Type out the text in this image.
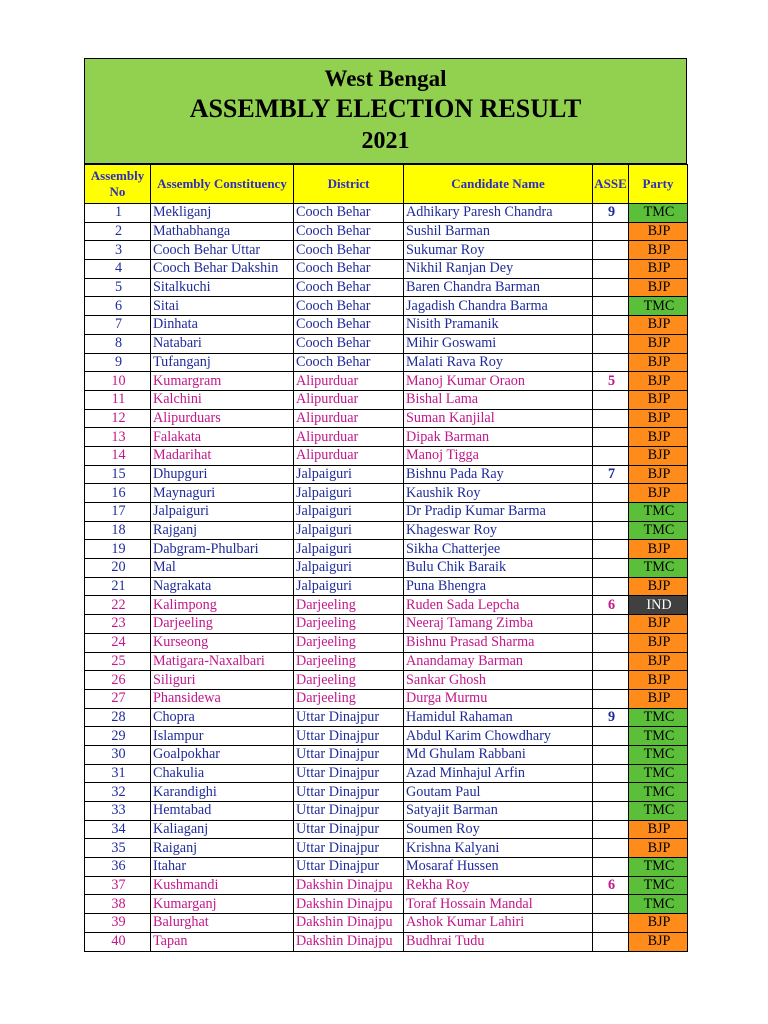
West Bengal
ASSEMBLY ELECTION RESULT
2021
Assembly No	Assembly Constituency	District	Candidate Name	ASSE	Party
1	Mekliganj	Cooch Behar	Adhikary Paresh Chandra	9	TMC
2	Mathabhanga	Cooch Behar	Sushil Barman		BJP
3	Cooch Behar Uttar	Cooch Behar	Sukumar Roy		BJP
4	Cooch Behar Dakshin	Cooch Behar	Nikhil Ranjan Dey		BJP
5	Sitalkuchi	Cooch Behar	Baren Chandra Barman		BJP
6	Sitai	Cooch Behar	Jagadish Chandra Barma		TMC
7	Dinhata	Cooch Behar	Nisith Pramanik		BJP
8	Natabari	Cooch Behar	Mihir Goswami		BJP
9	Tufanganj	Cooch Behar	Malati Rava Roy		BJP
10	Kumargram	Alipurduar	Manoj Kumar Oraon	5	BJP
11	Kalchini	Alipurduar	Bishal Lama		BJP
12	Alipurduars	Alipurduar	Suman Kanjilal		BJP
13	Falakata	Alipurduar	Dipak Barman		BJP
14	Madarihat	Alipurduar	Manoj Tigga		BJP
15	Dhupguri	Jalpaiguri	Bishnu Pada Ray	7	BJP
16	Maynaguri	Jalpaiguri	Kaushik Roy		BJP
17	Jalpaiguri	Jalpaiguri	Dr Pradip Kumar Barma		TMC
18	Rajganj	Jalpaiguri	Khageswar Roy		TMC
19	Dabgram-Phulbari	Jalpaiguri	Sikha Chatterjee		BJP
20	Mal	Jalpaiguri	Bulu Chik Baraik		TMC
21	Nagrakata	Jalpaiguri	Puna Bhengra		BJP
22	Kalimpong	Darjeeling	Ruden Sada Lepcha	6	IND
23	Darjeeling	Darjeeling	Neeraj Tamang Zimba		BJP
24	Kurseong	Darjeeling	Bishnu Prasad Sharma		BJP
25	Matigara-Naxalbari	Darjeeling	Anandamay Barman		BJP
26	Siliguri	Darjeeling	Sankar Ghosh		BJP
27	Phansidewa	Darjeeling	Durga Murmu		BJP
28	Chopra	Uttar Dinajpur	Hamidul Rahaman	9	TMC
29	Islampur	Uttar Dinajpur	Abdul Karim Chowdhary		TMC
30	Goalpokhar	Uttar Dinajpur	Md Ghulam Rabbani		TMC
31	Chakulia	Uttar Dinajpur	Azad Minhajul Arfin		TMC
32	Karandighi	Uttar Dinajpur	Goutam Paul		TMC
33	Hemtabad	Uttar Dinajpur	Satyajit Barman		TMC
34	Kaliaganj	Uttar Dinajpur	Soumen Roy		BJP
35	Raiganj	Uttar Dinajpur	Krishna Kalyani		BJP
36	Itahar	Uttar Dinajpur	Mosaraf Hussen		TMC
37	Kushmandi	Dakshin Dinajpu	Rekha Roy	6	TMC
38	Kumarganj	Dakshin Dinajpu	Toraf Hossain Mandal		TMC
39	Balurghat	Dakshin Dinajpu	Ashok Kumar Lahiri		BJP
40	Tapan	Dakshin Dinajpu	Budhrai Tudu		BJP
